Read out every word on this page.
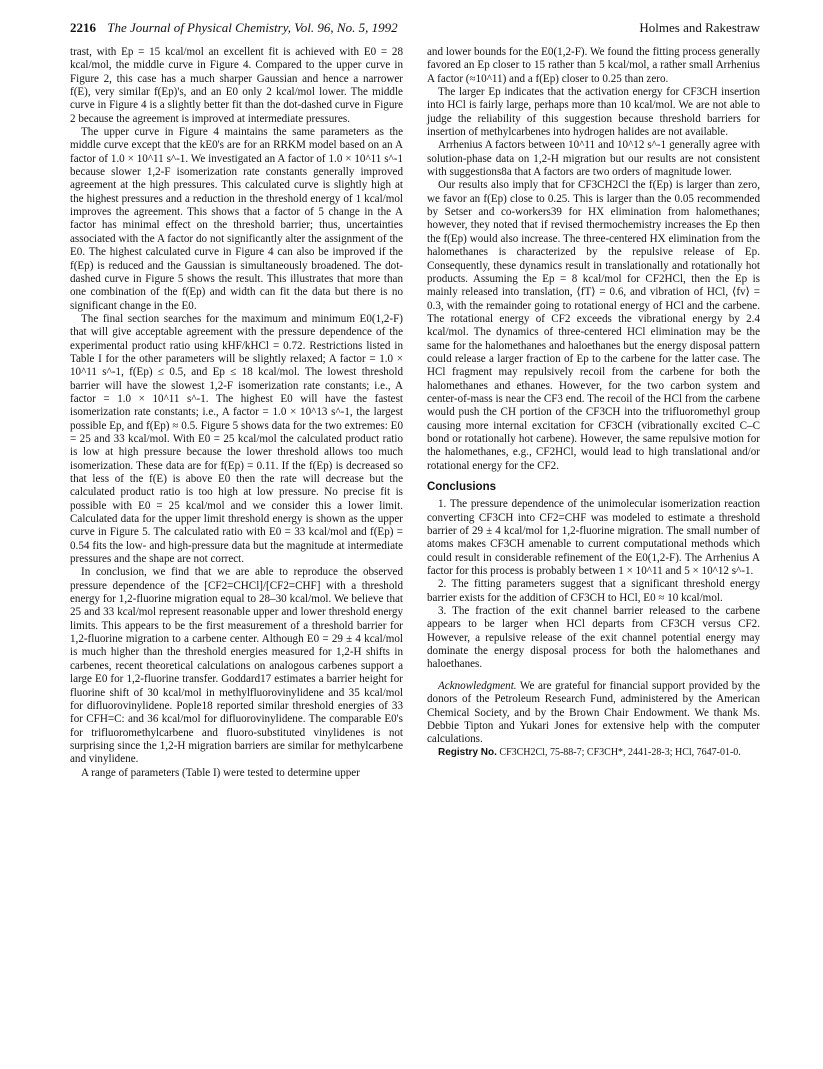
2216 The Journal of Physical Chemistry, Vol. 96, No. 5, 1992	Holmes and Rakestraw

trast, with Ep = 15 kcal/mol an excellent fit is achieved with E0 = 28 kcal/mol, the middle curve in Figure 4. Compared to the upper curve in Figure 2, this case has a much sharper Gaussian and hence a narrower f(E), very similar f(Ep)'s, and an E0 only 2 kcal/mol lower. The middle curve in Figure 4 is a slightly better fit than the dot-dashed curve in Figure 2 because the agreement is improved at intermediate pressures.

The upper curve in Figure 4 maintains the same parameters as the middle curve except that the kE0's are for an RRKM model based on an A factor of 1.0 × 10^11 s^-1. We investigated an A factor of 1.0 × 10^11 s^-1 because slower 1,2-F isomerization rate constants generally improved agreement at the high pressures. This calculated curve is slightly high at the highest pressures and a reduction in the threshold energy of 1 kcal/mol improves the agreement. This shows that a factor of 5 change in the A factor has minimal effect on the threshold barrier; thus, uncertainties associated with the A factor do not significantly alter the assignment of the E0. The highest calculated curve in Figure 4 can also be improved if the f(Ep) is reduced and the Gaussian is simultaneously broadened. The dot-dashed curve in Figure 5 shows the result. This illustrates that more than one combination of the f(Ep) and width can fit the data but there is no significant change in the E0.

The final section searches for the maximum and minimum E0(1,2-F) that will give acceptable agreement with the pressure dependence of the experimental product ratio using kHF/kHCl = 0.72. Restrictions listed in Table I for the other parameters will be slightly relaxed; A factor = 1.0 × 10^11 s^-1, f(Ep) ≤ 0.5, and Ep ≤ 18 kcal/mol. The lowest threshold barrier will have the slowest 1,2-F isomerization rate constants; i.e., A factor = 1.0 × 10^11 s^-1. The highest E0 will have the fastest isomerization rate constants; i.e., A factor = 1.0 × 10^13 s^-1, the largest possible Ep, and f(Ep) ≈ 0.5. Figure 5 shows data for the two extremes: E0 = 25 and 33 kcal/mol. With E0 = 25 kcal/mol the calculated product ratio is low at high pressure because the lower threshold allows too much isomerization. These data are for f(Ep) = 0.11. If the f(Ep) is decreased so that less of the f(E) is above E0 then the rate will decrease but the calculated product ratio is too high at low pressure. No precise fit is possible with E0 = 25 kcal/mol and we consider this a lower limit. Calculated data for the upper limit threshold energy is shown as the upper curve in Figure 5. The calculated ratio with E0 = 33 kcal/mol and f(Ep) = 0.54 fits the low- and high-pressure data but the magnitude at intermediate pressures and the shape are not correct.

In conclusion, we find that we are able to reproduce the observed pressure dependence of the [CF2=CHCl]/[CF2=CHF] with a threshold energy for 1,2-fluorine migration equal to 28–30 kcal/mol. We believe that 25 and 33 kcal/mol represent reasonable upper and lower threshold energy limits. This appears to be the first measurement of a threshold barrier for 1,2-fluorine migration to a carbene center. Although E0 = 29 ± 4 kcal/mol is much higher than the threshold energies measured for 1,2-H shifts in carbenes, recent theoretical calculations on analogous carbenes support a large E0 for 1,2-fluorine transfer. Goddard17 estimates a barrier height for fluorine shift of 30 kcal/mol in methylfluorovinylidene and 35 kcal/mol for difluorovinylidene. Pople18 reported similar threshold energies of 33 for CFH=C: and 36 kcal/mol for difluorovinylidene. The comparable E0's for trifluoromethylcarbene and fluoro-substituted vinylidenes is not surprising since the 1,2-H migration barriers are similar for methylcarbene and vinylidene.

A range of parameters (Table I) were tested to determine upper

and lower bounds for the E0(1,2-F). We found the fitting process generally favored an Ep closer to 15 rather than 5 kcal/mol, a rather small Arrhenius A factor (≈10^11) and a f(Ep) closer to 0.25 than zero.

The larger Ep indicates that the activation energy for CF3CH insertion into HCl is fairly large, perhaps more than 10 kcal/mol. We are not able to judge the reliability of this suggestion because threshold barriers for insertion of methylcarbenes into hydrogen halides are not available.

Arrhenius A factors between 10^11 and 10^12 s^-1 generally agree with solution-phase data on 1,2-H migration but our results are not consistent with suggestions8a that A factors are two orders of magnitude lower.

Our results also imply that for CF3CH2Cl the f(Ep) is larger than zero, we favor an f(Ep) close to 0.25. This is larger than the 0.05 recommended by Setser and co-workers39 for HX elimination from halomethanes; however, they noted that if revised thermochemistry increases the Ep then the f(Ep) would also increase. The three-centered HX elimination from the halomethanes is characterized by the repulsive release of Ep. Consequently, these dynamics result in translationally and rotationally hot products. Assuming the Ep = 8 kcal/mol for CF2HCl, then the Ep is mainly released into translation, ⟨fT⟩ = 0.6, and vibration of HCl, ⟨fv⟩ = 0.3, with the remainder going to rotational energy of HCl and the carbene. The rotational energy of CF2 exceeds the vibrational energy by 2.4 kcal/mol. The dynamics of three-centered HCl elimination may be the same for the halomethanes and haloethanes but the energy disposal pattern could release a larger fraction of Ep to the carbene for the latter case. The HCl fragment may repulsively recoil from the carbene for both the halomethanes and ethanes. However, for the two carbon system and center-of-mass is near the CF3 end. The recoil of the HCl from the carbene would push the CH portion of the CF3CH into the trifluoromethyl group causing more internal excitation for CF3CH (vibrationally excited C–C bond or rotationally hot carbene). However, the same repulsive motion for the halomethanes, e.g., CF2HCl, would lead to high translational and/or rotational energy for the CF2.

Conclusions

1. The pressure dependence of the unimolecular isomerization reaction converting CF3CH into CF2=CHF was modeled to estimate a threshold barrier of 29 ± 4 kcal/mol for 1,2-fluorine migration. The small number of atoms makes CF3CH amenable to current computational methods which could result in considerable refinement of the E0(1,2-F). The Arrhenius A factor for this process is probably between 1 × 10^11 and 5 × 10^12 s^-1.

2. The fitting parameters suggest that a significant threshold energy barrier exists for the addition of CF3CH to HCl, E0 ≈ 10 kcal/mol.

3. The fraction of the exit channel barrier released to the carbene appears to be larger when HCl departs from CF3CH versus CF2. However, a repulsive release of the exit channel potential energy may dominate the energy disposal process for both the halomethanes and haloethanes.

Acknowledgment. We are grateful for financial support provided by the donors of the Petroleum Research Fund, administered by the American Chemical Society, and by the Brown Chair Endowment. We thank Ms. Debbie Tipton and Yukari Jones for extensive help with the computer calculations.

Registry No. CF3CH2Cl, 75-88-7; CF3CH*, 2441-28-3; HCl, 7647-01-0.
